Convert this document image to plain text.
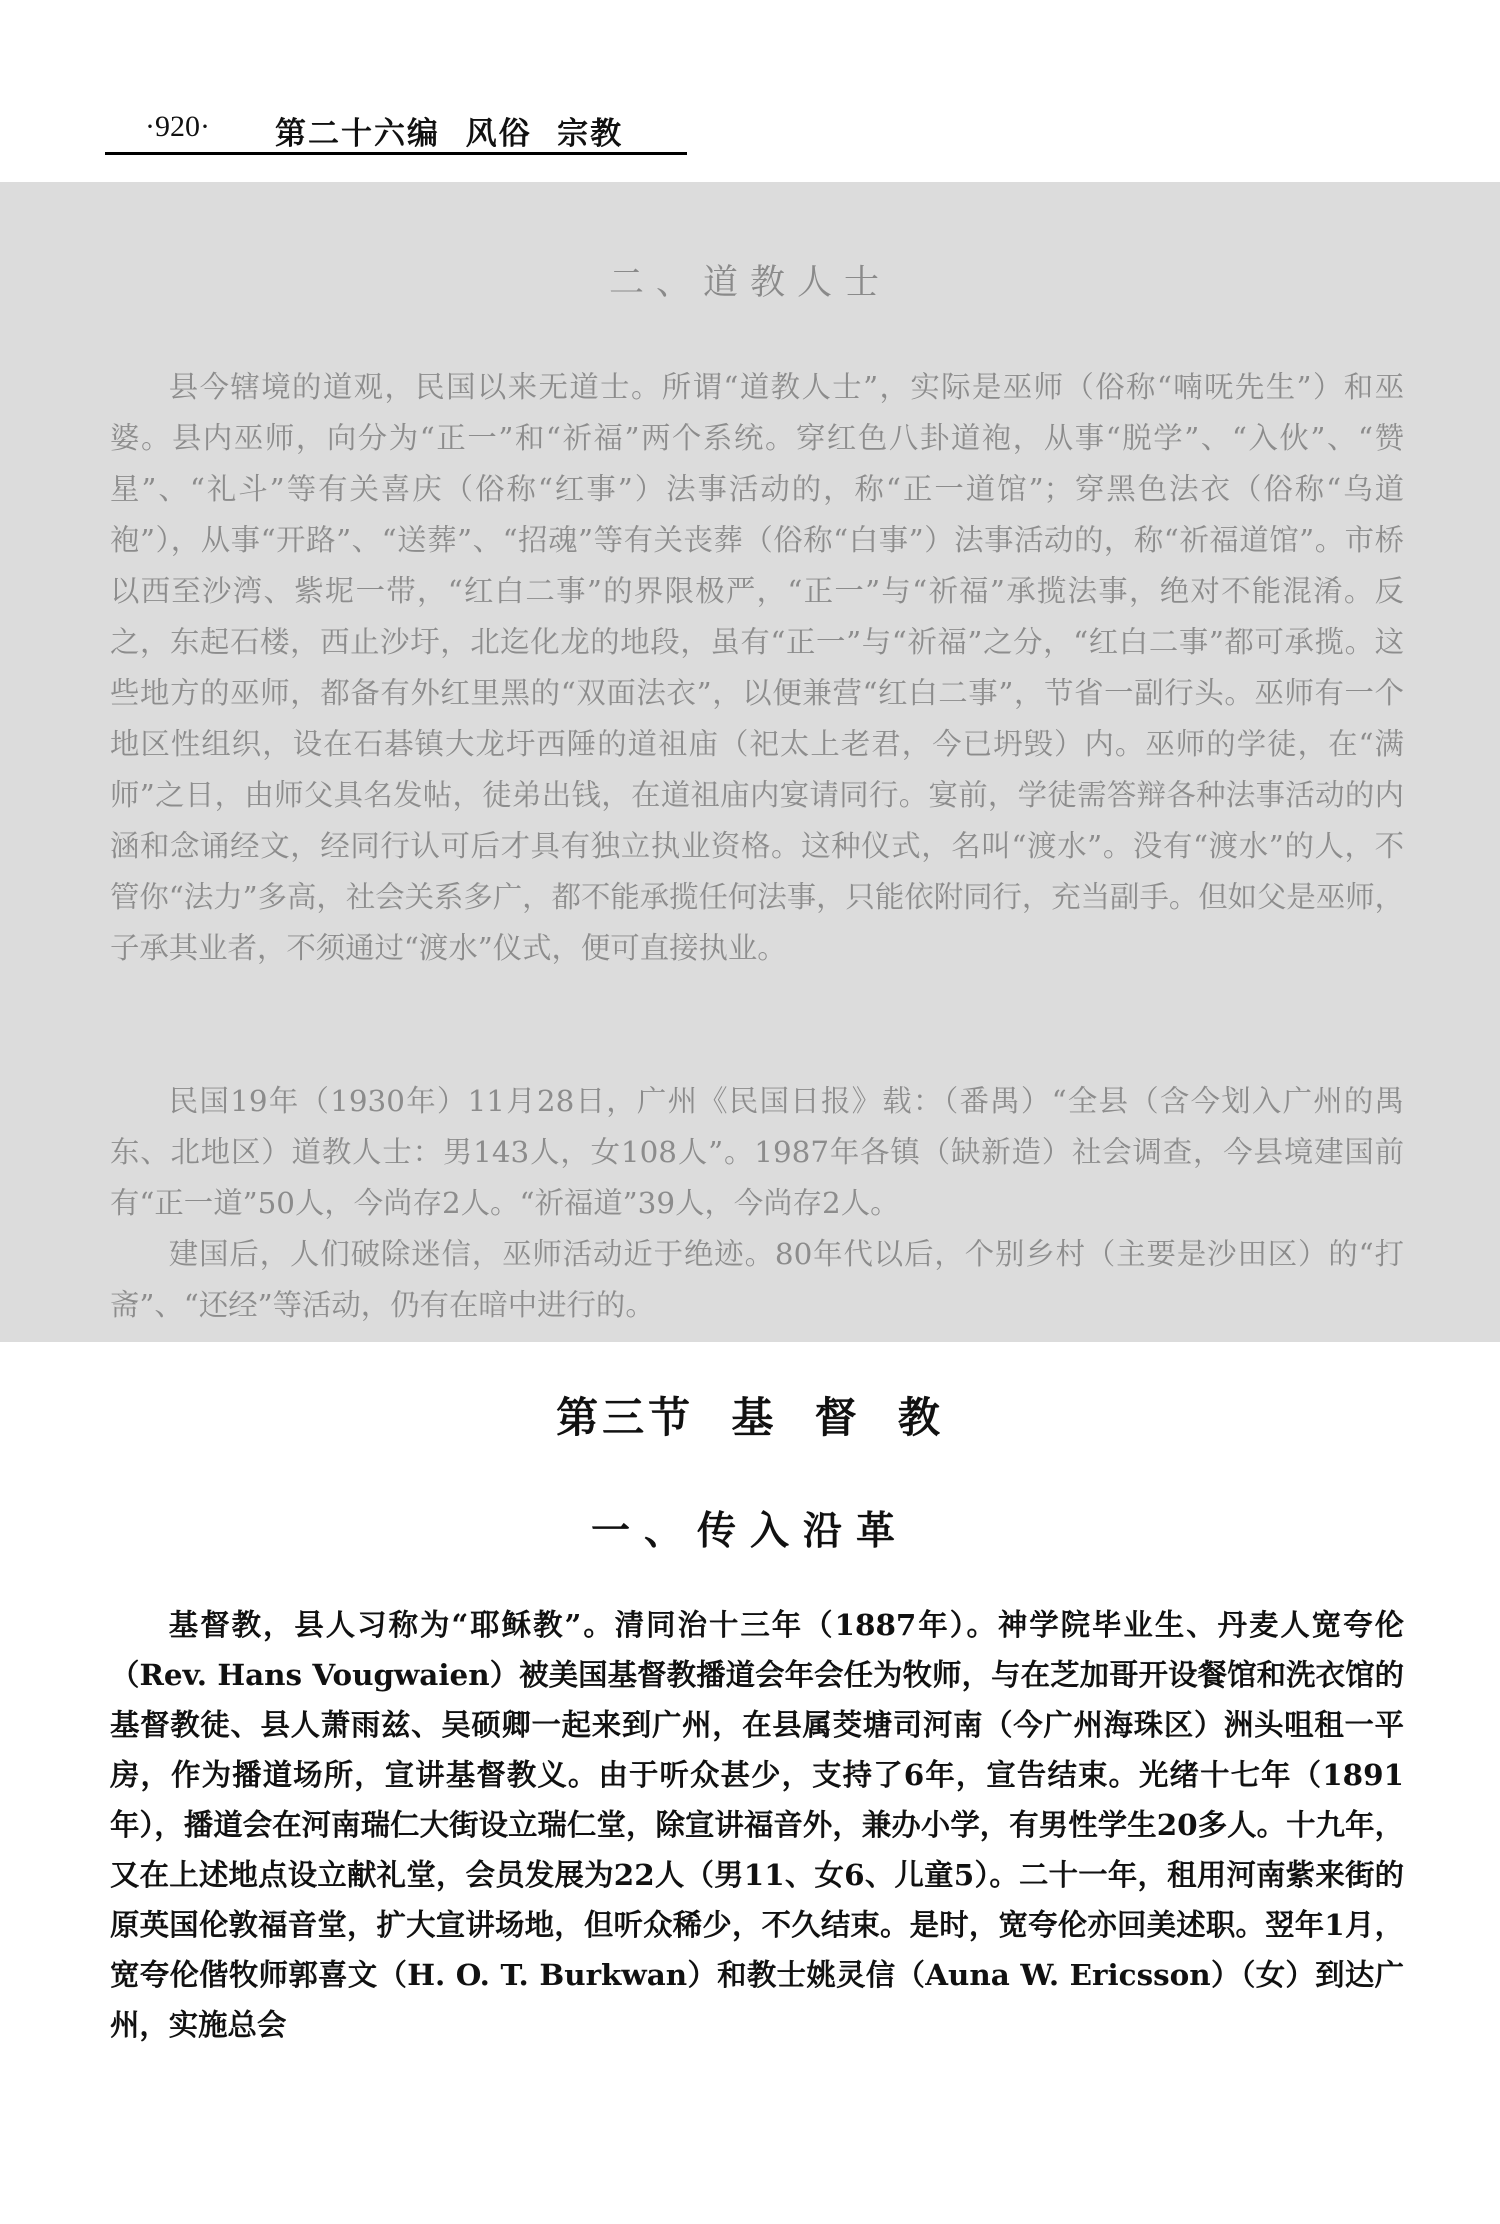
·920· 第二十六编  风俗  宗教
二、道教人士

县今辖境的道观，民国以来无道士。所谓“道教人士”，实际是巫师（俗称“喃呒先生”）和巫婆。县内巫师，向分为“正一”和“祈福”两个系统。穿红色八卦道袍，从事“脱学”、“入伙”、“赞星”、“礼斗”等有关喜庆（俗称“红事”）法事活动的，称“正一道馆”；穿黑色法衣（俗称“乌道袍”），从事“开路”、“送葬”、“招魂”等有关丧葬（俗称“白事”）法事活动的，称“祈福道馆”。市桥以西至沙湾、紫坭一带，“红白二事”的界限极严，“正一”与“祈福”承揽法事，绝对不能混淆。反之，东起石楼，西止沙圩，北迄化龙的地段，虽有“正一”与“祈福”之分，“红白二事”都可承揽。这些地方的巫师，都备有外红里黑的“双面法衣”，以便兼营“红白二事”，节省一副行头。巫师有一个地区性组织，设在石碁镇大龙圩西陲的道祖庙（祀太上老君，今已坍毁）内。巫师的学徒，在“满师”之日，由师父具名发帖，徒弟出钱，在道祖庙内宴请同行。宴前，学徒需答辩各种法事活动的内涵和念诵经文，经同行认可后才具有独立执业资格。这种仪式，名叫“渡水”。没有“渡水”的人，不管你“法力”多高，社会关系多广，都不能承揽任何法事，只能依附同行，充当副手。但如父是巫师，子承其业者，不须通过“渡水”仪式，便可直接执业。

民国19年（1930年）11月28日，广州《民国日报》载：（番禺）“全县（含今划入广州的禺东、北地区）道教人士：男143人，女108人”。1987年各镇（缺新造）社会调查，今县境建国前有“正一道”50人，今尚存2人。“祈福道”39人，今尚存2人。

建国后，人们破除迷信，巫师活动近于绝迹。80年代以后，个别乡村（主要是沙田区）的“打斋”、“还经”等活动，仍有在暗中进行的。

第三节  基  督  教
一、传入沿革

基督教，县人习称为“耶稣教”。清同治十三年（1887年）。神学院毕业生、丹麦人宽夸伦（Rev. Hans Vougwaien）被美国基督教播道会年会任为牧师，与在芝加哥开设餐馆和洗衣馆的基督教徒、县人萧雨兹、吴硕卿一起来到广州，在县属茭塘司河南（今广州海珠区）洲头咀租一平房，作为播道场所，宣讲基督教义。由于听众甚少，支持了6年，宣告结束。光绪十七年（1891年），播道会在河南瑞仁大街设立瑞仁堂，除宣讲福音外，兼办小学，有男性学生20多人。十九年，又在上述地点设立献礼堂，会员发展为22人（男11、女6、儿童5）。二十一年，租用河南紫来街的原英国伦敦福音堂，扩大宣讲场地，但听众稀少，不久结束。是时，宽夸伦亦回美述职。翌年1月，宽夸伦偕牧师郭喜文（H. O. T. Burkwan）和教士姚灵信（Auna W. Ericsson）（女）到达广州，实施总会
